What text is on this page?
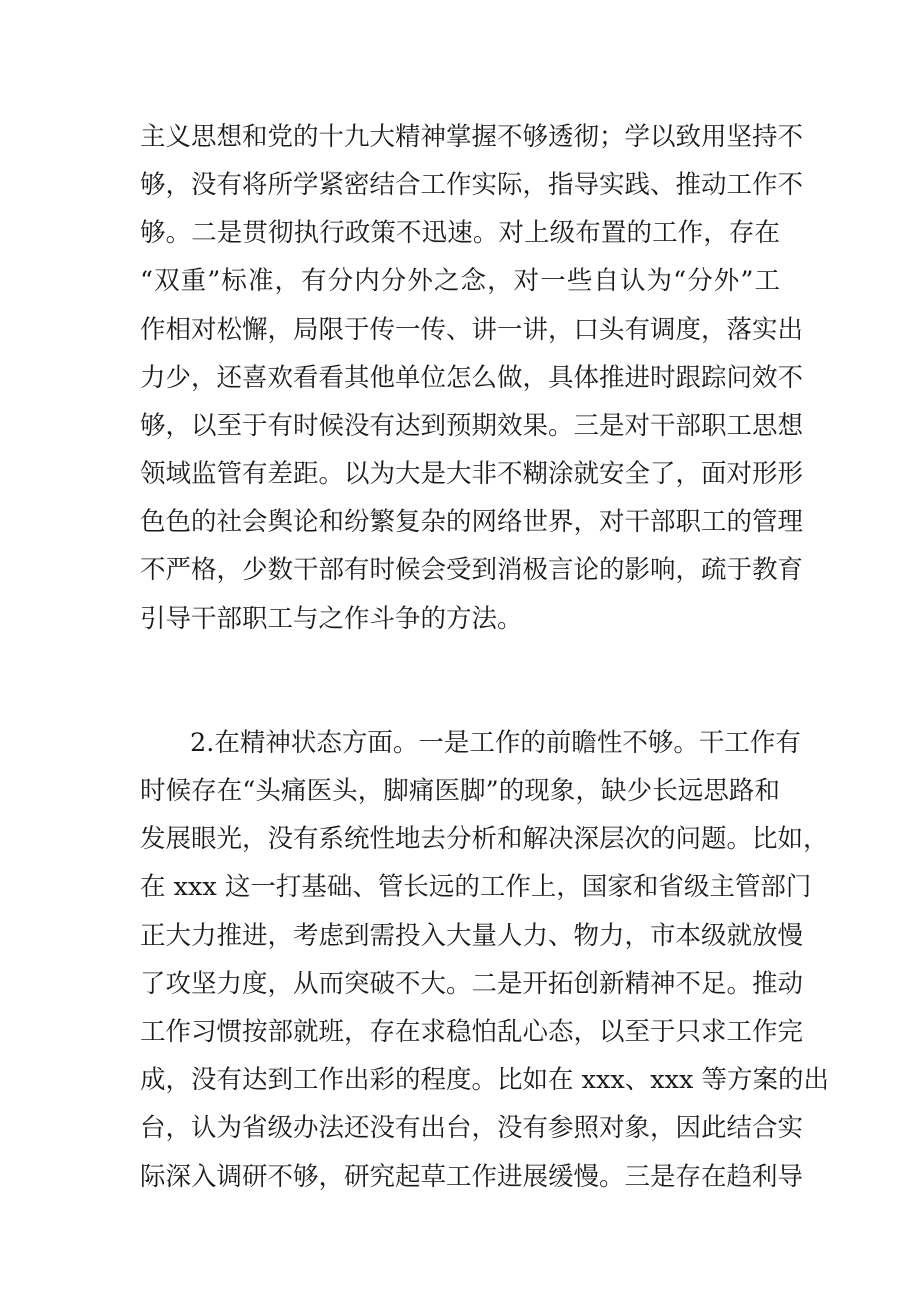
主义思想和党的十九大精神掌握不够透彻；学以致用坚持不
够，没有将所学紧密结合工作实际，指导实践、推动工作不
够。二是贯彻执行政策不迅速。对上级布置的工作，存在
“双重”标准，有分内分外之念，对一些自认为“分外”工
作相对松懈，局限于传一传、讲一讲，口头有调度，落实出
力少，还喜欢看看其他单位怎么做，具体推进时跟踪问效不
够，以至于有时候没有达到预期效果。三是对干部职工思想
领域监管有差距。以为大是大非不糊涂就安全了，面对形形
色色的社会舆论和纷繁复杂的网络世界，对干部职工的管理
不严格，少数干部有时候会受到消极言论的影响，疏于教育
引导干部职工与之作斗争的方法。
2.在精神状态方面。一是工作的前瞻性不够。干工作有
时候存在“头痛医头，脚痛医脚”的现象，缺少长远思路和
发展眼光，没有系统性地去分析和解决深层次的问题。比如，
在 xxx 这一打基础、管长远的工作上，国家和省级主管部门
正大力推进，考虑到需投入大量人力、物力，市本级就放慢
了攻坚力度，从而突破不大。二是开拓创新精神不足。推动
工作习惯按部就班，存在求稳怕乱心态，以至于只求工作完
成，没有达到工作出彩的程度。比如在 xxx、xxx 等方案的出
台，认为省级办法还没有出台，没有参照对象，因此结合实
际深入调研不够，研究起草工作进展缓慢。三是存在趋利导
